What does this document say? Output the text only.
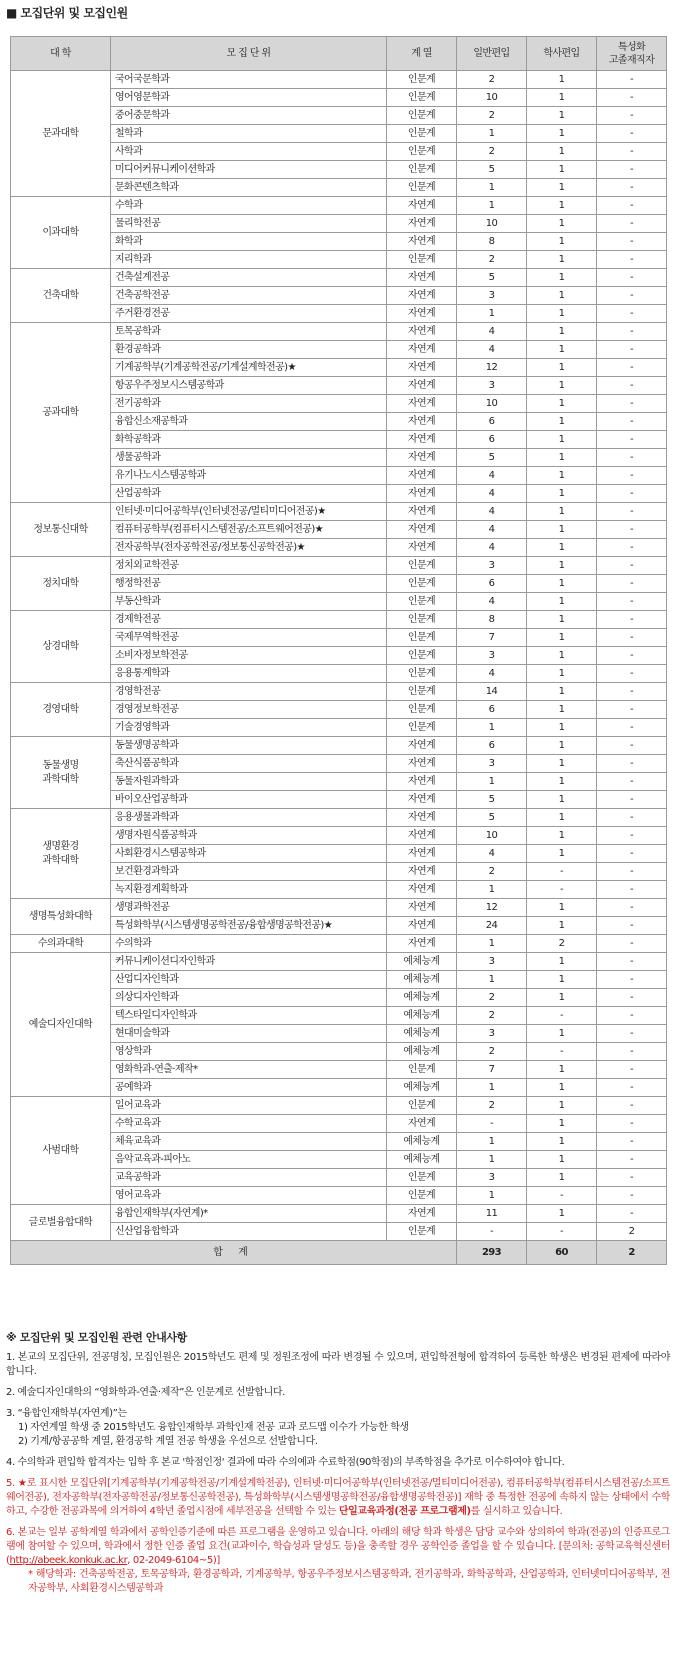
■ 모집단위 및 모집인원
대 학	모 집 단 위	계 열	일반편입	학사편입	특성화
고졸재직자
문과대학	국어국문학과	인문계	2	1	-
	영어영문학과	인문계	10	1	-
	중어중문학과	인문계	2	1	-
	철학과	인문계	1	1	-
	사학과	인문계	2	1	-
	미디어커뮤니케이션학과	인문계	5	1	-
	문화콘텐츠학과	인문계	1	1	-
이과대학	수학과	자연계	1	1	-
	물리학전공	자연계	10	1	-
	화학과	자연계	8	1	-
	지리학과	인문계	2	1	-
건축대학	건축설계전공	자연계	5	1	-
	건축공학전공	자연계	3	1	-
	주거환경전공	자연계	1	1	-
공과대학	토목공학과	자연계	4	1	-
	환경공학과	자연계	4	1	-
	기계공학부(기계공학전공/기계설계학전공)★	자연계	12	1	-
	항공우주정보시스템공학과	자연계	3	1	-
	전기공학과	자연계	10	1	-
	융합신소재공학과	자연계	6	1	-
	화학공학과	자연계	6	1	-
	생물공학과	자연계	5	1	-
	유기나노시스템공학과	자연계	4	1	-
	산업공학과	자연계	4	1	-
정보통신대학	인터넷·미디어공학부(인터넷전공/멀티미디어전공)★	자연계	4	1	-
	컴퓨터공학부(컴퓨터시스템전공/소프트웨어전공)★	자연계	4	1	-
	전자공학부(전자공학전공/정보통신공학전공)★	자연계	4	1	-
정치대학	정치외교학전공	인문계	3	1	-
	행정학전공	인문계	6	1	-
	부동산학과	인문계	4	1	-
상경대학	경제학전공	인문계	8	1	-
	국제무역학전공	인문계	7	1	-
	소비자정보학전공	인문계	3	1	-
	응용통계학과	인문계	4	1	-
경영대학	경영학전공	인문계	14	1	-
	경영정보학전공	인문계	6	1	-
	기술경영학과	인문계	1	1	-
동물생명
과학대학	동물생명공학과	자연계	6	1	-
	축산식품공학과	자연계	3	1	-
	동물자원과학과	자연계	1	1	-
	바이오산업공학과	자연계	5	1	-
생명환경
과학대학	응용생물과학과	자연계	5	1	-
	생명자원식품공학과	자연계	10	1	-
	사회환경시스템공학과	자연계	4	1	-
	보건환경과학과	자연계	2	-	-
	녹지환경계획학과	자연계	1	-	-
생명특성화대학	생명과학전공	자연계	12	1	-
	특성화학부(시스템생명공학전공/융합생명공학전공)★	자연계	24	1	-
수의과대학	수의학과	자연계	1	2	-
예술디자인대학	커뮤니케이션디자인학과	예체능계	3	1	-
	산업디자인학과	예체능계	1	1	-
	의상디자인학과	예체능계	2	1	-
	텍스타일디자인학과	예체능계	2	-	-
	현대미술학과	예체능계	3	1	-
	영상학과	예체능계	2	-	-
	영화학과-연출·제작*	인문계	7	1	-
	공예학과	예체능계	1	1	-
사범대학	일어교육과	인문계	2	1	-
	수학교육과	자연계	-	1	-
	체육교육과	예체능계	1	1	-
	음악교육과-피아노	예체능계	1	1	-
	교육공학과	인문계	3	1	-
	영어교육과	인문계	1	-	-
글로벌융합대학	융합인재학부(자연계)*	자연계	11	1	-
	신산업융합학과	인문계	-	-	2
합 계			293	60	2
※ 모집단위 및 모집인원 관련 안내사항
1. 본교의 모집단위, 전공명칭, 모집인원은 2015학년도 편제 및 정원조정에 따라 변경될 수 있으며, 편입학전형에 합격하여 등록한 학생은 변경된 편제에 따라야 합니다.
2. 예술디자인대학의 “영화학과-연출·제작”은 인문계로 선발합니다.
3. “융합인재학부(자연계)”는
1) 자연계열 학생 중 2015학년도 융합인재학부 과학인재 전공 교과 로드맵 이수가 가능한 학생
2) 기계/항공공학 계열, 환경공학 계열 전공 학생을 우선으로 선발합니다.
4. 수의학과 편입학 합격자는 입학 후 본교 '학점인정' 결과에 따라 수의예과 수료학점(90학점)의 부족학점을 추가로 이수하여야 합니다.
5. ★로 표시한 모집단위[기계공학부(기계공학전공/기계설계학전공), 인터넷·미디어공학부(인터넷전공/멀티미디어전공), 컴퓨터공학부(컴퓨터시스템전공/소프트웨어전공), 전자공학부(전자공학전공/정보통신공학전공), 특성화학부(시스템생명공학전공/융합생명공학전공)] 재학 중 특정한 전공에 속하지 않는 상태에서 수학하고, 수강한 전공과목에 의거하여 4학년 졸업시점에 세부전공을 선택할 수 있는 단일교육과정(전공 프로그램제)를 실시하고 있습니다.
6. 본교는 일부 공학계열 학과에서 공학인증기준에 따른 프로그램을 운영하고 있습니다. 아래의 해당 학과 학생은 담당 교수와 상의하여 학과(전공)의 인증프로그램에 참여할 수 있으며, 학과에서 정한 인증 졸업 요건(교과이수, 학습성과 달성도 등)을 충족할 경우 공학인증 졸업을 할 수 있습니다. [문의처: 공학교육혁신센터(http://abeek.konkuk.ac.kr, 02-2049-6104~5)]
* 해당학과: 건축공학전공, 토목공학과, 환경공학과, 기계공학부, 항공우주정보시스템공학과, 전기공학과, 화학공학과, 산업공학과, 인터넷미디어공학부, 전자공학부, 사회환경시스템공학과
